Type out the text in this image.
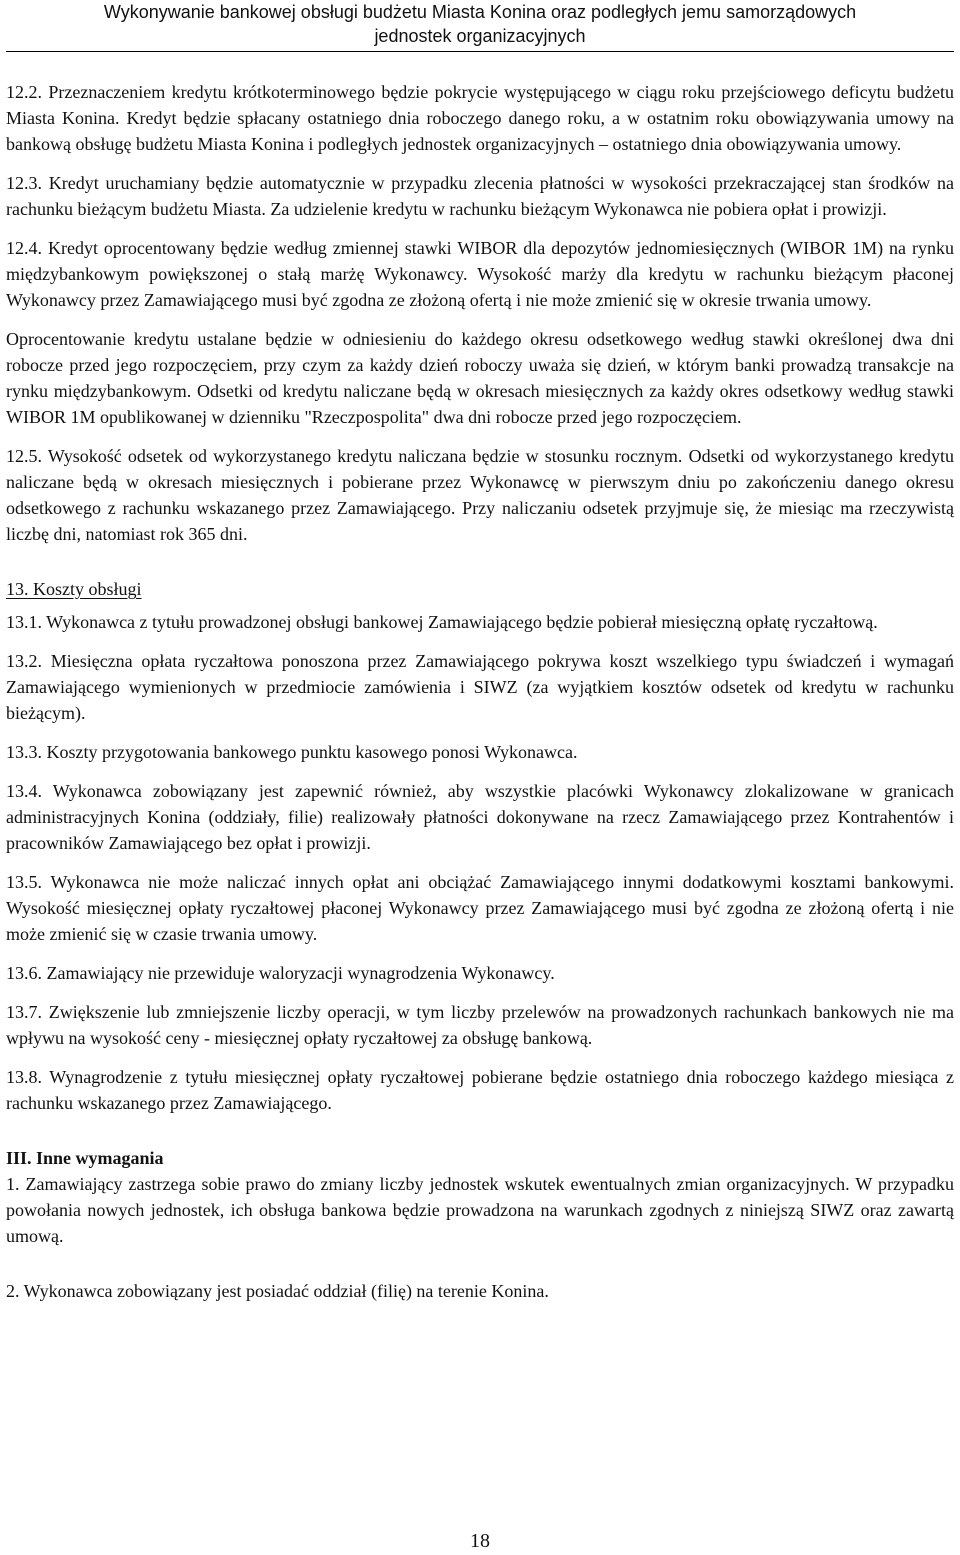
Wykonywanie bankowej obsługi budżetu Miasta Konina oraz podległych jemu samorządowych
jednostek organizacyjnych

12.2. Przeznaczeniem kredytu krótkoterminowego będzie pokrycie występującego w ciągu roku przejściowego deficytu budżetu Miasta Konina. Kredyt będzie spłacany ostatniego dnia roboczego danego roku, a w ostatnim roku obowiązywania umowy na bankową obsługę budżetu Miasta Konina i podległych jednostek organizacyjnych – ostatniego dnia obowiązywania umowy.

12.3. Kredyt uruchamiany będzie automatycznie w przypadku zlecenia płatności w wysokości przekraczającej stan środków na rachunku bieżącym budżetu Miasta. Za udzielenie kredytu w rachunku bieżącym Wykonawca nie pobiera opłat i prowizji.

12.4. Kredyt oprocentowany będzie według zmiennej stawki WIBOR dla depozytów jednomiesięcznych (WIBOR 1M) na rynku międzybankowym powiększonej o stałą marżę Wykonawcy. Wysokość marży dla kredytu w rachunku bieżącym płaconej Wykonawcy przez Zamawiającego musi być zgodna ze złożoną ofertą i nie może zmienić się w okresie trwania umowy.

Oprocentowanie kredytu ustalane będzie w odniesieniu do każdego okresu odsetkowego według stawki określonej dwa dni robocze przed jego rozpoczęciem, przy czym za każdy dzień roboczy uważa się dzień, w którym banki prowadzą transakcje na rynku międzybankowym. Odsetki od kredytu naliczane będą w okresach miesięcznych za każdy okres odsetkowy według stawki WIBOR 1M opublikowanej w dzienniku "Rzeczpospolita" dwa dni robocze przed jego rozpoczęciem.

12.5. Wysokość odsetek od wykorzystanego kredytu naliczana będzie w stosunku rocznym. Odsetki od wykorzystanego kredytu naliczane będą w okresach miesięcznych i pobierane przez Wykonawcę w pierwszym dniu po zakończeniu danego okresu odsetkowego z rachunku wskazanego przez Zamawiającego. Przy naliczaniu odsetek przyjmuje się, że miesiąc ma rzeczywistą liczbę dni, natomiast rok 365 dni.

13. Koszty obsługi

13.1. Wykonawca z tytułu prowadzonej obsługi bankowej Zamawiającego będzie pobierał miesięczną opłatę ryczałtową.

13.2. Miesięczna opłata ryczałtowa ponoszona przez Zamawiającego pokrywa koszt wszelkiego typu świadczeń i wymagań Zamawiającego wymienionych w przedmiocie zamówienia i SIWZ (za wyjątkiem kosztów odsetek od kredytu w rachunku bieżącym).

13.3. Koszty przygotowania bankowego punktu kasowego ponosi Wykonawca.

13.4. Wykonawca zobowiązany jest zapewnić również, aby wszystkie placówki Wykonawcy zlokalizowane w granicach administracyjnych Konina (oddziały, filie) realizowały płatności dokonywane na rzecz Zamawiającego przez Kontrahentów i pracowników Zamawiającego bez opłat i prowizji.

13.5. Wykonawca nie może naliczać innych opłat ani obciążać Zamawiającego innymi dodatkowymi kosztami bankowymi. Wysokość miesięcznej opłaty ryczałtowej płaconej Wykonawcy przez Zamawiającego musi być zgodna ze złożoną ofertą i nie może zmienić się w czasie trwania umowy.

13.6. Zamawiający nie przewiduje waloryzacji wynagrodzenia Wykonawcy.

13.7. Zwiększenie lub zmniejszenie liczby operacji, w tym liczby przelewów na prowadzonych rachunkach bankowych nie ma wpływu na wysokość ceny - miesięcznej opłaty ryczałtowej za obsługę bankową.

13.8. Wynagrodzenie z tytułu miesięcznej opłaty ryczałtowej pobierane będzie ostatniego dnia roboczego każdego miesiąca z rachunku wskazanego przez Zamawiającego.

III. Inne wymagania

1. Zamawiający zastrzega sobie prawo do zmiany liczby jednostek wskutek ewentualnych zmian organizacyjnych. W przypadku powołania nowych jednostek, ich obsługa bankowa będzie prowadzona na warunkach zgodnych z niniejszą SIWZ oraz zawartą umową.

2. Wykonawca zobowiązany jest posiadać oddział (filię) na terenie Konina.

18
